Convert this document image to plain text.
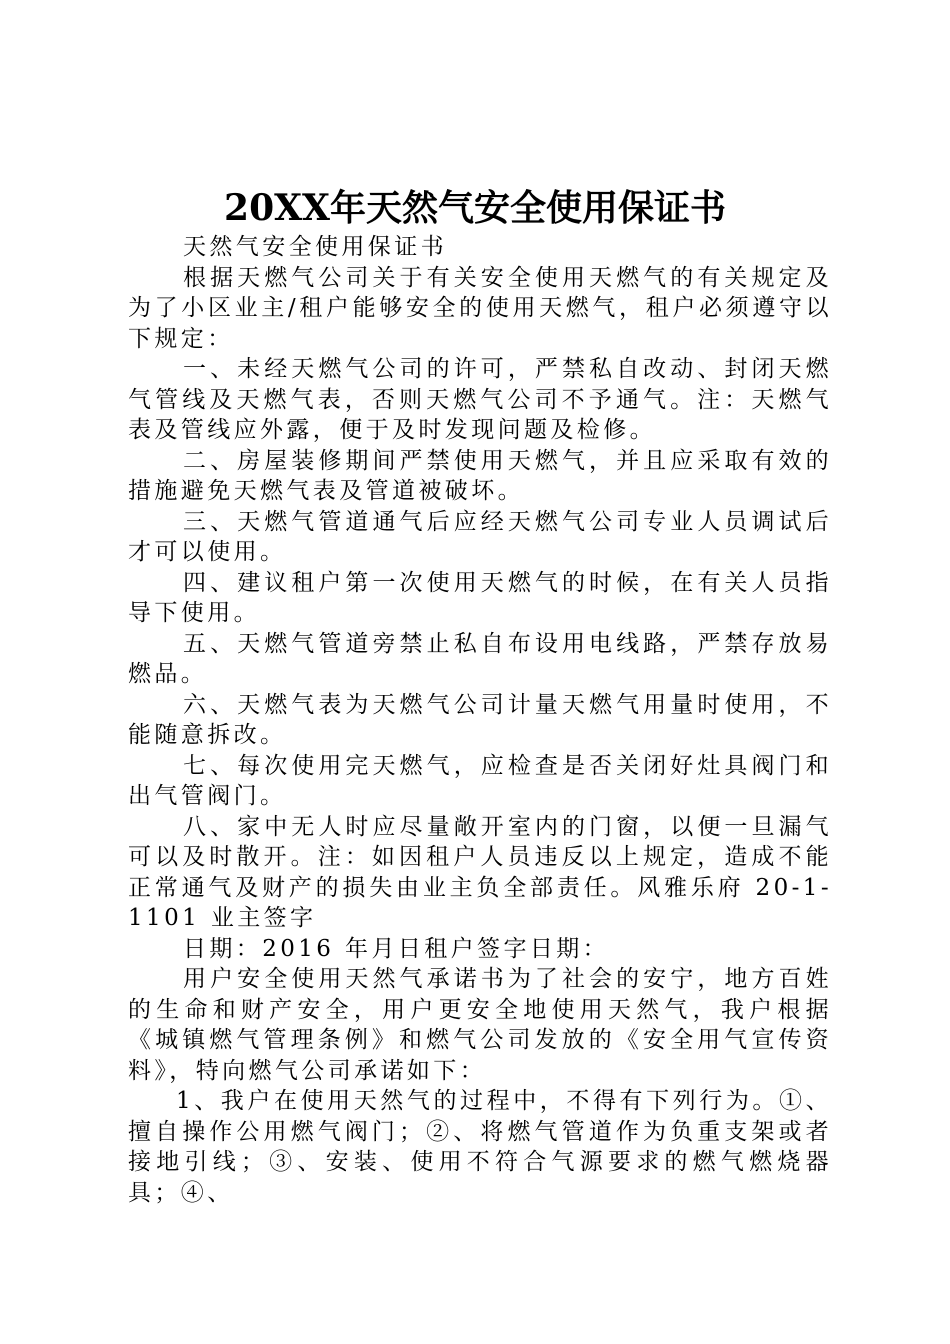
20XX年天然气安全使用保证书

天然气安全使用保证书

根据天燃气公司关于有关安全使用天燃气的有关规定及为了小区业主/租户能够安全的使用天燃气，租户必须遵守以下规定：

一、未经天燃气公司的许可，严禁私自改动、封闭天燃气管线及天燃气表，否则天燃气公司不予通气。注：天燃气表及管线应外露，便于及时发现问题及检修。

二、房屋装修期间严禁使用天燃气，并且应采取有效的措施避免天燃气表及管道被破坏。

三、天燃气管道通气后应经天燃气公司专业人员调试后才可以使用。

四、建议租户第一次使用天燃气的时候，在有关人员指导下使用。

五、天燃气管道旁禁止私自布设用电线路，严禁存放易燃品。

六、天燃气表为天燃气公司计量天燃气用量时使用，不能随意拆改。

七、每次使用完天燃气，应检查是否关闭好灶具阀门和出气管阀门。

八、家中无人时应尽量敞开室内的门窗，以便一旦漏气可以及时散开。注：如因租户人员违反以上规定，造成不能正常通气及财产的损失由业主负全部责任。风雅乐府 20-1-1101 业主签字

日期：2016 年月日租户签字日期：

用户安全使用天然气承诺书为了社会的安宁，地方百姓的生命和财产安全，用户更安全地使用天然气，我户根据《城镇燃气管理条例》和燃气公司发放的《安全用气宣传资料》，特向燃气公司承诺如下：

1、我户在使用天然气的过程中，不得有下列行为。①、擅自操作公用燃气阀门；②、将燃气管道作为负重支架或者接地引线；③、安装、使用不符合气源要求的燃气燃烧器具；④、
